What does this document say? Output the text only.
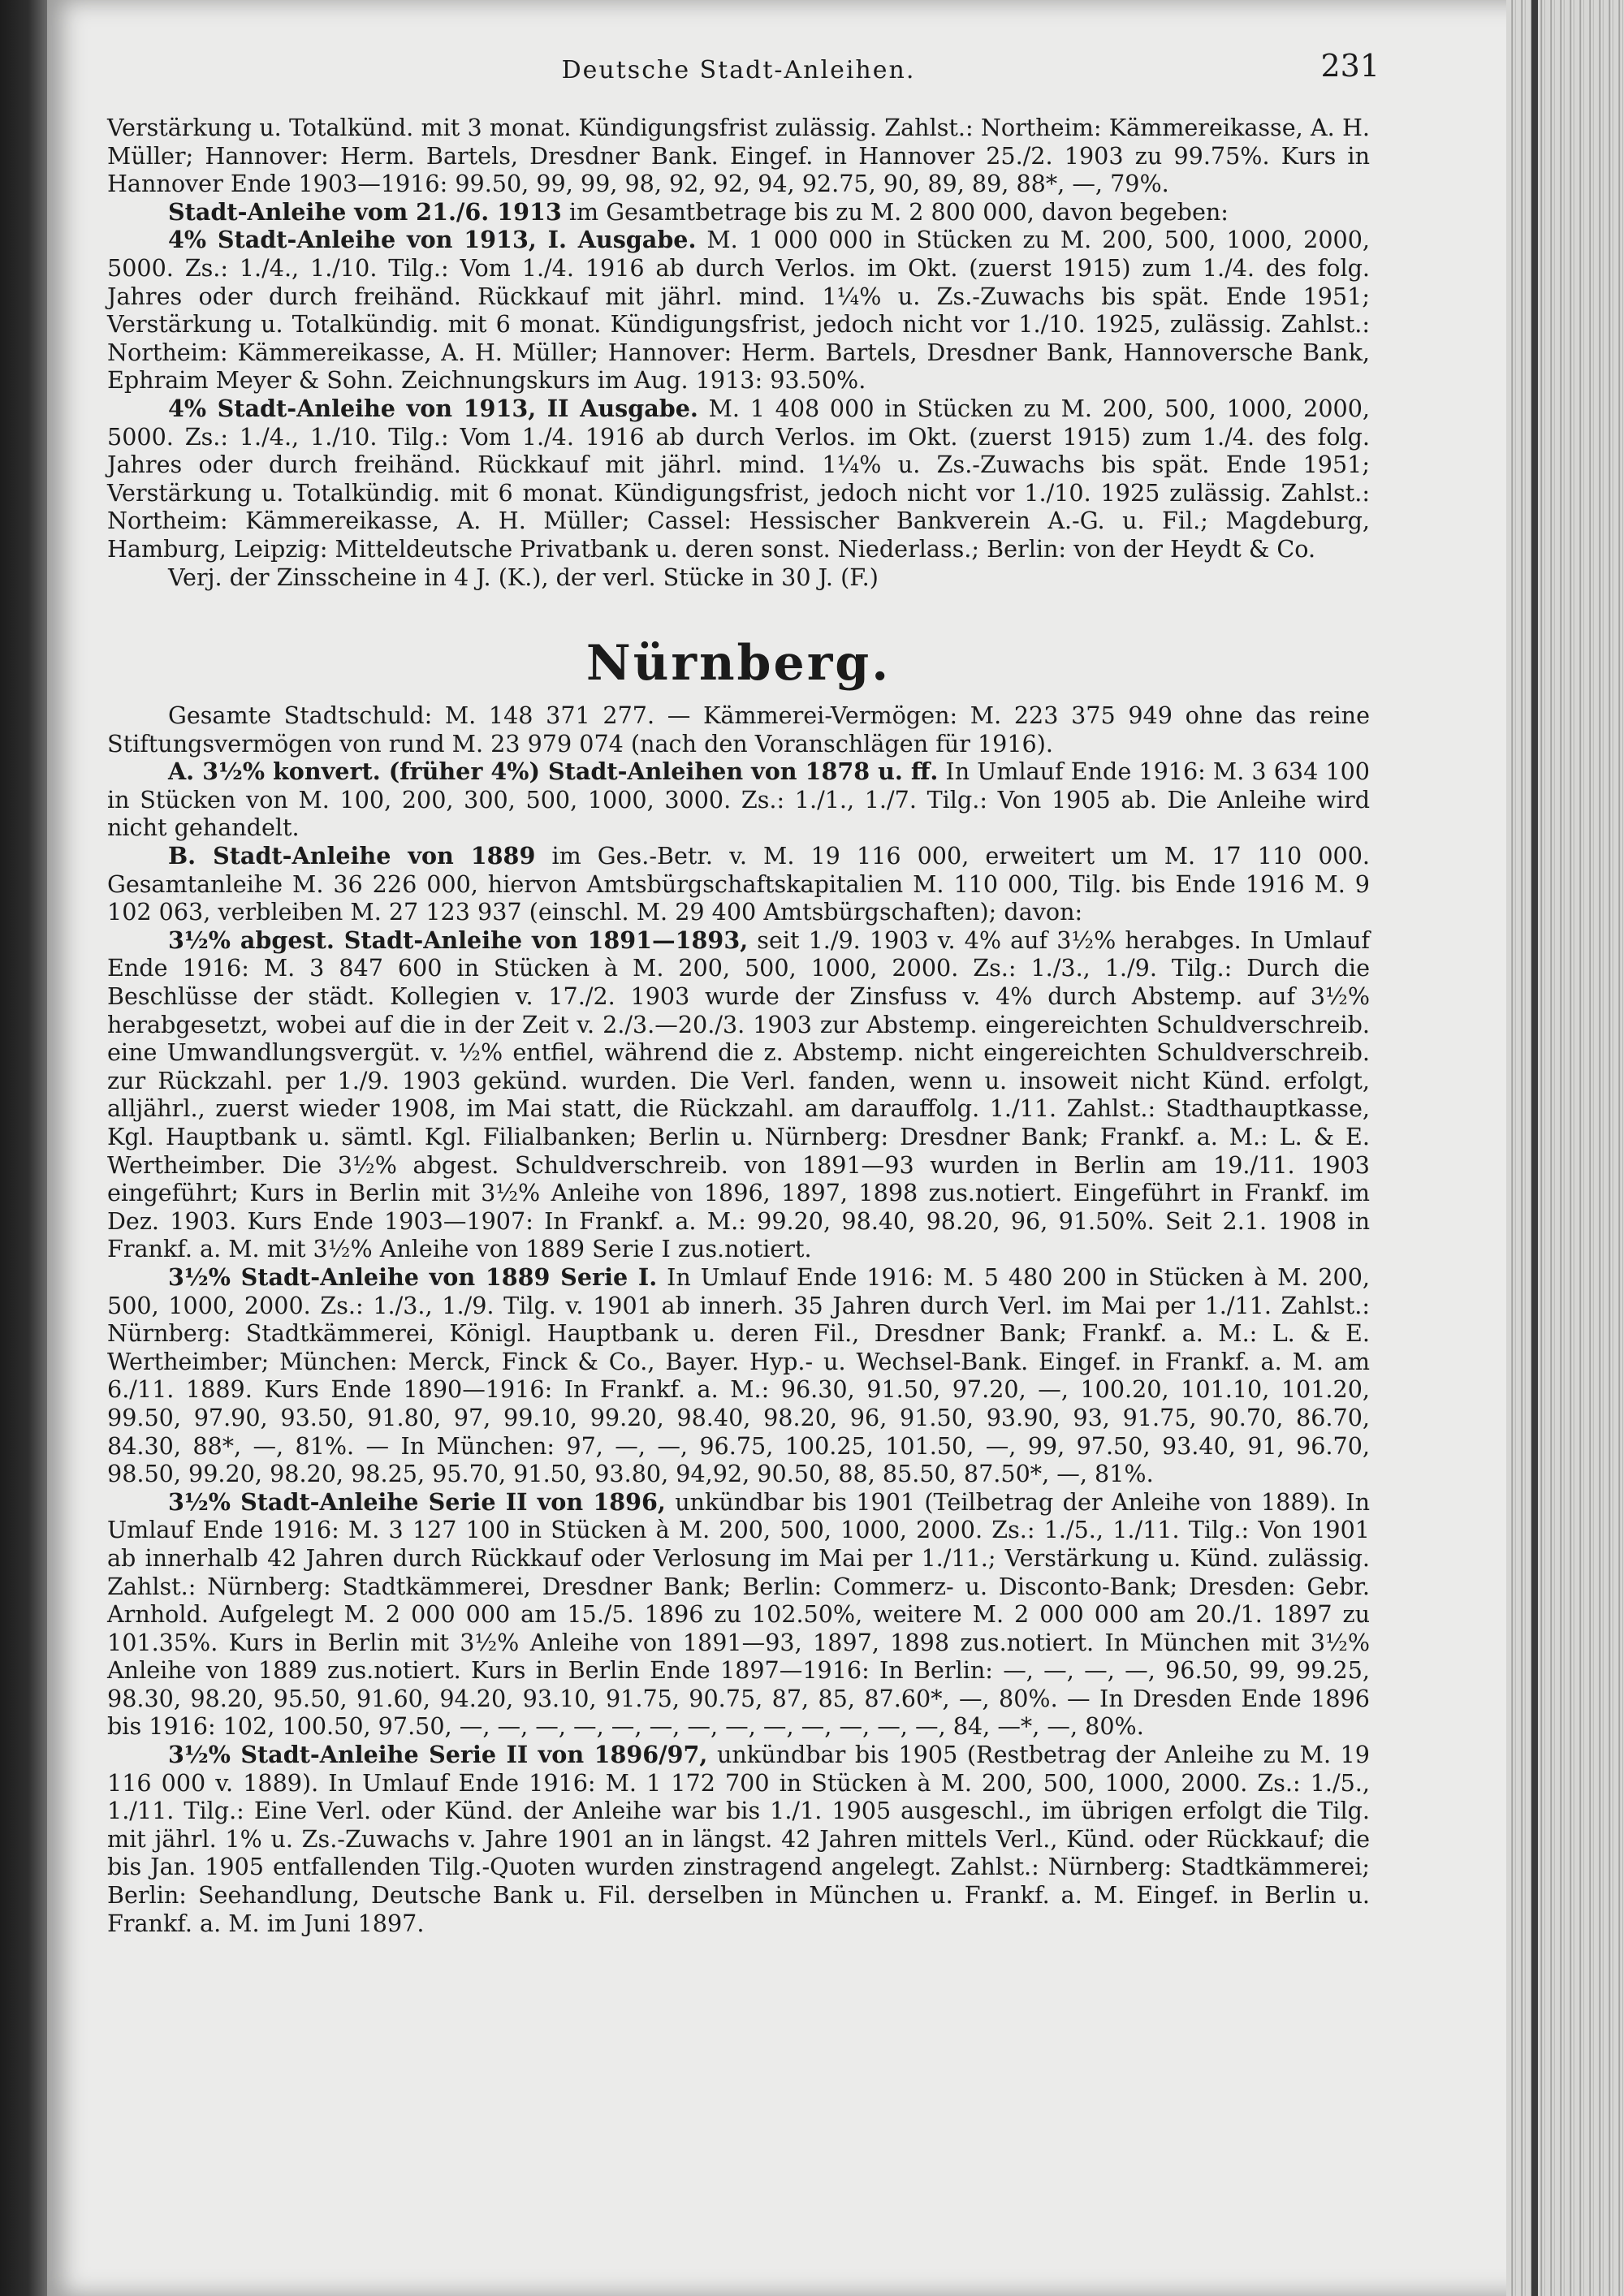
Deutsche Stadt-Anleihen.	231

Verstärkung u. Totalkünd. mit 3 monat. Kündigungsfrist zulässig. Zahlst.: Northeim: Kämmereikasse, A. H. Müller; Hannover: Herm. Bartels, Dresdner Bank. Eingef. in Hannover 25./2. 1903 zu 99.75%. Kurs in Hannover Ende 1903—1916: 99.50, 99, 99, 98, 92, 92, 94, 92.75, 90, 89, 89, 88*, —, 79%.

Stadt-Anleihe vom 21./6. 1913 im Gesamtbetrage bis zu M. 2 800 000, davon begeben:

4% Stadt-Anleihe von 1913, I. Ausgabe. M. 1 000 000 in Stücken zu M. 200, 500, 1000, 2000, 5000. Zs.: 1./4., 1./10. Tilg.: Vom 1./4. 1916 ab durch Verlos. im Okt. (zuerst 1915) zum 1./4. des folg. Jahres oder durch freihänd. Rückkauf mit jährl. mind. 1¼% u. Zs.-Zuwachs bis spät. Ende 1951; Verstärkung u. Totalkündig. mit 6 monat. Kündigungsfrist, jedoch nicht vor 1./10. 1925, zulässig. Zahlst.: Northeim: Kämmereikasse, A. H. Müller; Hannover: Herm. Bartels, Dresdner Bank, Hannoversche Bank, Ephraim Meyer & Sohn. Zeichnungskurs im Aug. 1913: 93.50%.

4% Stadt-Anleihe von 1913, II Ausgabe. M. 1 408 000 in Stücken zu M. 200, 500, 1000, 2000, 5000. Zs.: 1./4., 1./10. Tilg.: Vom 1./4. 1916 ab durch Verlos. im Okt. (zuerst 1915) zum 1./4. des folg. Jahres oder durch freihänd. Rückkauf mit jährl. mind. 1¼% u. Zs.-Zuwachs bis spät. Ende 1951; Verstärkung u. Totalkündig. mit 6 monat. Kündigungsfrist, jedoch nicht vor 1./10. 1925 zulässig. Zahlst.: Northeim: Kämmereikasse, A. H. Müller; Cassel: Hessischer Bankverein A.-G. u. Fil.; Magdeburg, Hamburg, Leipzig: Mitteldeutsche Privatbank u. deren sonst. Niederlass.; Berlin: von der Heydt & Co.

Verj. der Zinsscheine in 4 J. (K.), der verl. Stücke in 30 J. (F.)

Nürnberg.

Gesamte Stadtschuld: M. 148 371 277. — Kämmerei-Vermögen: M. 223 375 949 ohne das reine Stiftungsvermögen von rund M. 23 979 074 (nach den Voranschlägen für 1916).

A. 3½% konvert. (früher 4%) Stadt-Anleihen von 1878 u. ff. In Umlauf Ende 1916: M. 3 634 100 in Stücken von M. 100, 200, 300, 500, 1000, 3000. Zs.: 1./1., 1./7. Tilg.: Von 1905 ab. Die Anleihe wird nicht gehandelt.

B. Stadt-Anleihe von 1889 im Ges.-Betr. v. M. 19 116 000, erweitert um M. 17 110 000. Gesamtanleihe M. 36 226 000, hiervon Amtsbürgschaftskapitalien M. 110 000, Tilg. bis Ende 1916 M. 9 102 063, verbleiben M. 27 123 937 (einschl. M. 29 400 Amtsbürgschaften); davon:

3½% abgest. Stadt-Anleihe von 1891—1893, seit 1./9. 1903 v. 4% auf 3½% herabges. In Umlauf Ende 1916: M. 3 847 600 in Stücken à M. 200, 500, 1000, 2000. Zs.: 1./3., 1./9. Tilg.: Durch die Beschlüsse der städt. Kollegien v. 17./2. 1903 wurde der Zinsfuss v. 4% durch Abstemp. auf 3½% herabgesetzt, wobei auf die in der Zeit v. 2./3.—20./3. 1903 zur Abstemp. eingereichten Schuldverschreib. eine Umwandlungsvergüt. v. ½% entfiel, während die z. Abstemp. nicht eingereichten Schuldverschreib. zur Rückzahl. per 1./9. 1903 gekünd. wurden. Die Verl. fanden, wenn u. insoweit nicht Künd. erfolgt, alljährl., zuerst wieder 1908, im Mai statt, die Rückzahl. am darauffolg. 1./11. Zahlst.: Stadthauptkasse, Kgl. Hauptbank u. sämtl. Kgl. Filialbanken; Berlin u. Nürnberg: Dresdner Bank; Frankf. a. M.: L. & E. Wertheimber. Die 3½% abgest. Schuldverschreib. von 1891—93 wurden in Berlin am 19./11. 1903 eingeführt; Kurs in Berlin mit 3½% Anleihe von 1896, 1897, 1898 zus.notiert. Eingeführt in Frankf. im Dez. 1903. Kurs Ende 1903—1907: In Frankf. a. M.: 99.20, 98.40, 98.20, 96, 91.50%. Seit 2.1. 1908 in Frankf. a. M. mit 3½% Anleihe von 1889 Serie I zus.notiert.

3½% Stadt-Anleihe von 1889 Serie I. In Umlauf Ende 1916: M. 5 480 200 in Stücken à M. 200, 500, 1000, 2000. Zs.: 1./3., 1./9. Tilg. v. 1901 ab innerh. 35 Jahren durch Verl. im Mai per 1./11. Zahlst.: Nürnberg: Stadtkämmerei, Königl. Hauptbank u. deren Fil., Dresdner Bank; Frankf. a. M.: L. & E. Wertheimber; München: Merck, Finck & Co., Bayer. Hyp.- u. Wechsel-Bank. Eingef. in Frankf. a. M. am 6./11. 1889. Kurs Ende 1890—1916: In Frankf. a. M.: 96.30, 91.50, 97.20, —, 100.20, 101.10, 101.20, 99.50, 97.90, 93.50, 91.80, 97, 99.10, 99.20, 98.40, 98.20, 96, 91.50, 93.90, 93, 91.75, 90.70, 86.70, 84.30, 88*, —, 81%. — In München: 97, —, —, 96.75, 100.25, 101.50, —, 99, 97.50, 93.40, 91, 96.70, 98.50, 99.20, 98.20, 98.25, 95.70, 91.50, 93.80, 94,92, 90.50, 88, 85.50, 87.50*, —, 81%.

3½% Stadt-Anleihe Serie II von 1896, unkündbar bis 1901 (Teilbetrag der Anleihe von 1889). In Umlauf Ende 1916: M. 3 127 100 in Stücken à M. 200, 500, 1000, 2000. Zs.: 1./5., 1./11. Tilg.: Von 1901 ab innerhalb 42 Jahren durch Rückkauf oder Verlosung im Mai per 1./11.; Verstärkung u. Künd. zulässig. Zahlst.: Nürnberg: Stadtkämmerei, Dresdner Bank; Berlin: Commerz- u. Disconto-Bank; Dresden: Gebr. Arnhold. Aufgelegt M. 2 000 000 am 15./5. 1896 zu 102.50%, weitere M. 2 000 000 am 20./1. 1897 zu 101.35%. Kurs in Berlin mit 3½% Anleihe von 1891—93, 1897, 1898 zus.notiert. In München mit 3½% Anleihe von 1889 zus.notiert. Kurs in Berlin Ende 1897—1916: In Berlin: —, —, —, —, 96.50, 99, 99.25, 98.30, 98.20, 95.50, 91.60, 94.20, 93.10, 91.75, 90.75, 87, 85, 87.60*, —, 80%. — In Dresden Ende 1896 bis 1916: 102, 100.50, 97.50, —, —, —, —, —, —, —, —, —, —, —, —, —, 84, —*, —, 80%.

3½% Stadt-Anleihe Serie II von 1896/97, unkündbar bis 1905 (Restbetrag der Anleihe zu M. 19 116 000 v. 1889). In Umlauf Ende 1916: M. 1 172 700 in Stücken à M. 200, 500, 1000, 2000. Zs.: 1./5., 1./11. Tilg.: Eine Verl. oder Künd. der Anleihe war bis 1./1. 1905 ausgeschl., im übrigen erfolgt die Tilg. mit jährl. 1% u. Zs.-Zuwachs v. Jahre 1901 an in längst. 42 Jahren mittels Verl., Künd. oder Rückkauf; die bis Jan. 1905 entfallenden Tilg.-Quoten wurden zinstragend angelegt. Zahlst.: Nürnberg: Stadtkämmerei; Berlin: Seehandlung, Deutsche Bank u. Fil. derselben in München u. Frankf. a. M. Eingef. in Berlin u. Frankf. a. M. im Juni 1897.
